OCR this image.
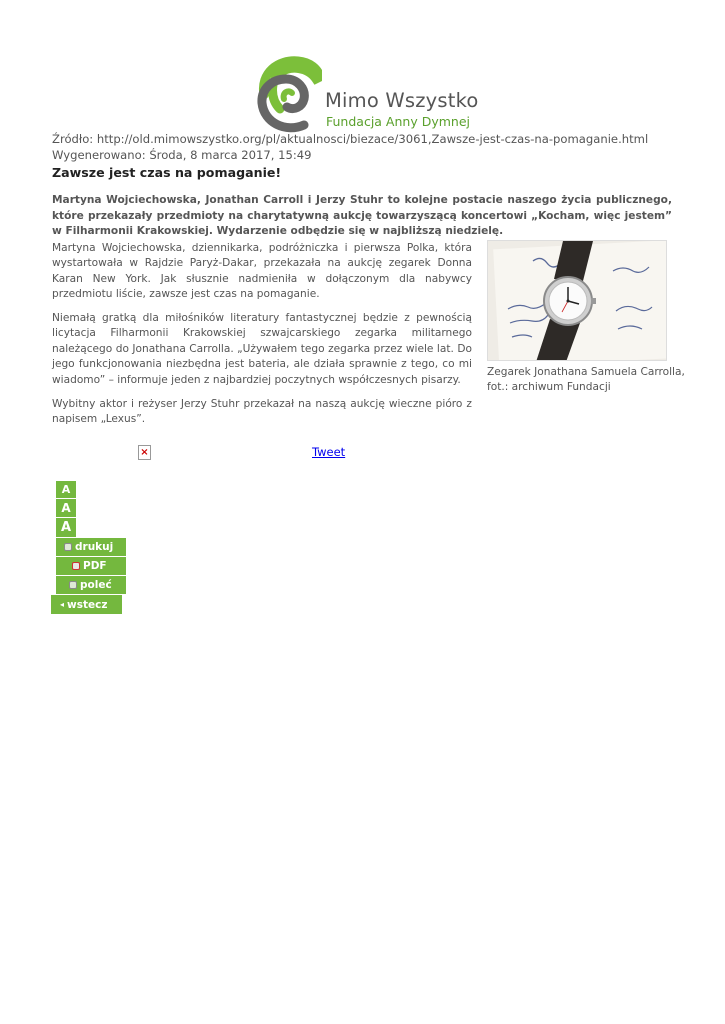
Mimo Wszystko
Fundacja Anny Dymnej
Źródło: http://old.mimowszystko.org/pl/aktualnosci/biezace/3061,Zawsze-jest-czas-na-pomaganie.html
Wygenerowano: Środa, 8 marca 2017, 15:49
Zawsze jest czas na pomaganie!

Martyna Wojciechowska, Jonathan Carroll i Jerzy Stuhr to kolejne postacie naszego życia publicznego, które przekazały przedmioty na charytatywną aukcję towarzyszącą koncertowi „Kocham, więc jestem” w Filharmonii Krakowskiej. Wydarzenie odbędzie się w najbliższą niedzielę.

Martyna Wojciechowska, dziennikarka, podróżniczka i pierwsza Polka, która wystartowała w Rajdzie Paryż-Dakar, przekazała na aukcję zegarek Donna Karan New York. Jak słusznie nadmieniła w dołączonym dla nabywcy przedmiotu liście, zawsze jest czas na pomaganie.

Niemałą gratką dla miłośników literatury fantastycznej będzie z pewnością licytacja Filharmonii Krakowskiej szwajcarskiego zegarka militarnego należącego do Jonathana Carrolla. „Używałem tego zegarka przez wiele lat. Do jego funkcjonowania niezbędna jest bateria, ale działa sprawnie z tego, co mi wiadomo” – informuje jeden z najbardziej poczytnych współczesnych pisarzy.

Wybitny aktor i reżyser Jerzy Stuhr przekazał na naszą aukcję wieczne pióro z napisem „Lexus”.

Zegarek Jonathana Samuela Carrolla, fot.: archiwum Fundacji
×	Tweet
A
A
A
drukuj
PDF
poleć
◂ wstecz
